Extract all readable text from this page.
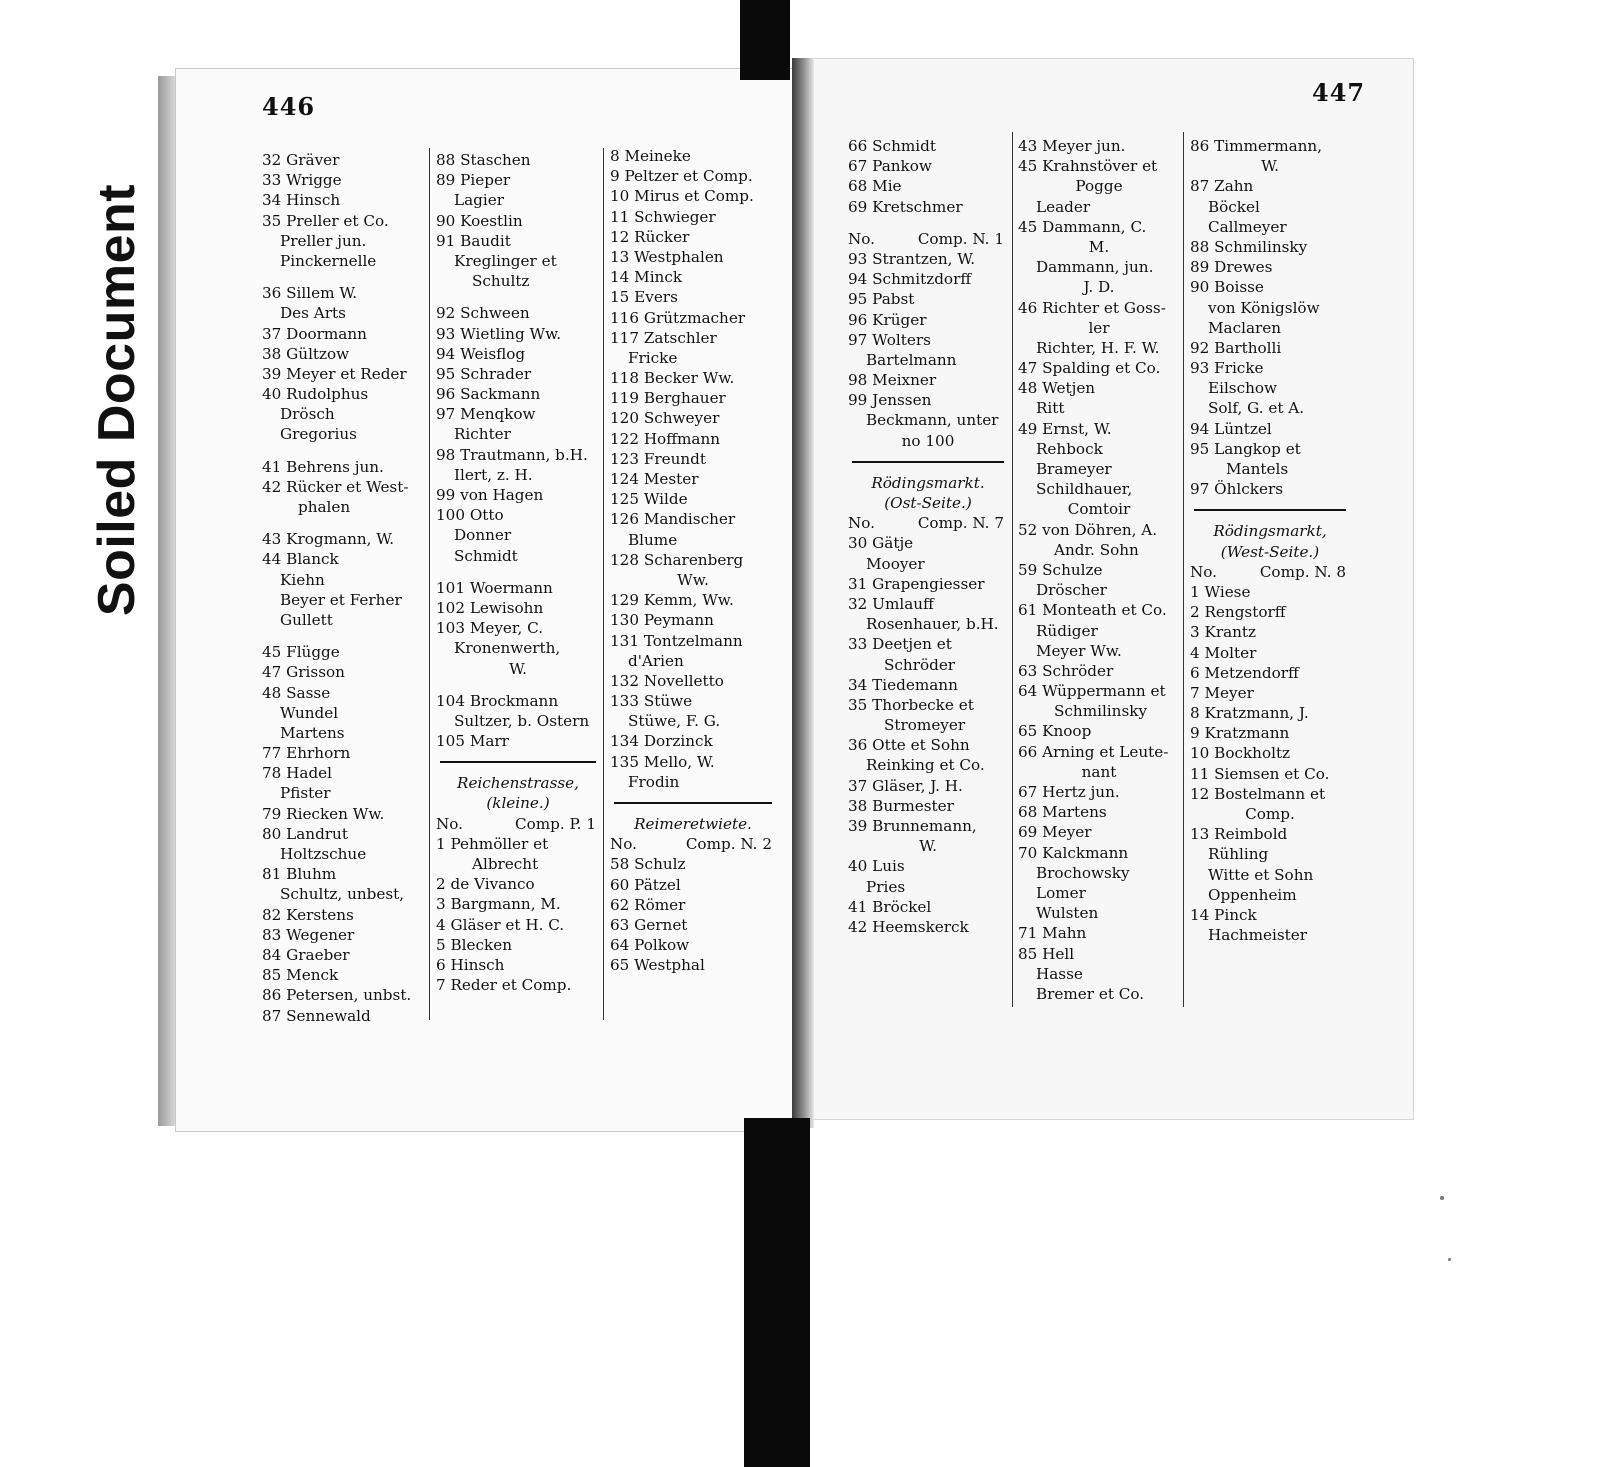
Soiled Document
446	447
32 Gräver
33 Wrigge
34 Hinsch
35 Preller et Co.
Preller jun.
Pinckernelle
36 Sillem W.
Des Arts
37 Doormann
38 Gültzow
39 Meyer et Reder
40 Rudolphus
Drösch
Gregorius
41 Behrens jun.
42 Rücker et West-
phalen
43 Krogmann, W.
44 Blanck
Kiehn
Beyer et Ferher
Gullett
45 Flügge
47 Grisson
48 Sasse
Wundel
Martens
77 Ehrhorn
78 Hadel
Pfister
79 Riecken Ww.
80 Landrut
Holtzschue
81 Bluhm
Schultz, unbest,
82 Kerstens
83 Wegener
84 Graeber
85 Menck
86 Petersen, unbst.
87 Sennewald
88 Staschen
89 Pieper
Lagier
90 Koestlin
91 Baudit
Kreglinger et
Schultz
92 Schween
93 Wietling Ww.
94 Weisflog
95 Schrader
96 Sackmann
97 Menqkow
Richter
98 Trautmann, b.H.
Ilert, z. H.
99 von Hagen
100 Otto
Donner
Schmidt
101 Woermann
102 Lewisohn
103 Meyer, C.
Kronenwerth,
W.
104 Brockmann
Sultzer, b. Ostern
105 Marr
Reichenstrasse,
(kleine.)
No.	Comp. P. 1
1 Pehmöller et
Albrecht
2 de Vivanco
3 Bargmann, M.
4 Gläser et H. C.
5 Blecken
6 Hinsch
7 Reder et Comp.
8 Meineke
9 Peltzer et Comp.
10 Mirus et Comp.
11 Schwieger
12 Rücker
13 Westphalen
14 Minck
15 Evers
116 Grützmacher
117 Zatschler
Fricke
118 Becker Ww.
119 Berghauer
120 Schweyer
122 Hoffmann
123 Freundt
124 Mester
125 Wilde
126 Mandischer
Blume
128 Scharenberg
Ww.
129 Kemm, Ww.
130 Peymann
131 Tontzelmann
d'Arien
132 Novelletto
133 Stüwe
Stüwe, F. G.
134 Dorzinck
135 Mello, W.
Frodin
Reimeretwiete.
No.	Comp. N. 2
58 Schulz
60 Pätzel
62 Römer
63 Gernet
64 Polkow
65 Westphal
66 Schmidt
67 Pankow
68 Mie
69 Kretschmer
No.	Comp. N. 1
93 Strantzen, W.
94 Schmitzdorff
95 Pabst
96 Krüger
97 Wolters
Bartelmann
98 Meixner
99 Jenssen
Beckmann, unter
no 100
Rödingsmarkt.
(Ost-Seite.)
No.	Comp. N. 7
30 Gätje
Mooyer
31 Grapengiesser
32 Umlauff
Rosenhauer, b.H.
33 Deetjen et
Schröder
34 Tiedemann
35 Thorbecke et
Stromeyer
36 Otte et Sohn
Reinking et Co.
37 Gläser, J. H.
38 Burmester
39 Brunnemann,
W.
40 Luis
Pries
41 Bröckel
42 Heemskerck
43 Meyer jun.
45 Krahnstöver et
Pogge
Leader
45 Dammann, C.
M.
Dammann, jun.
J. D.
46 Richter et Goss-
ler
Richter, H. F. W.
47 Spalding et Co.
48 Wetjen
Ritt
49 Ernst, W.
Rehbock
Brameyer
Schildhauer,
Comtoir
52 von Döhren, A.
Andr. Sohn
59 Schulze
Dröscher
61 Monteath et Co.
Rüdiger
Meyer Ww.
63 Schröder
64 Wüppermann et
Schmilinsky
65 Knoop
66 Arning et Leute-
nant
67 Hertz jun.
68 Martens
69 Meyer
70 Kalckmann
Brochowsky
Lomer
Wulsten
71 Mahn
85 Hell
Hasse
Bremer et Co.
86 Timmermann,
W.
87 Zahn
Böckel
Callmeyer
88 Schmilinsky
89 Drewes
90 Boisse
von Königslöw
Maclaren
92 Bartholli
93 Fricke
Eilschow
Solf, G. et A.
94 Lüntzel
95 Langkop et
Mantels
97 Öhlckers
Rödingsmarkt,
(West-Seite.)
No.	Comp. N. 8
1 Wiese
2 Rengstorff
3 Krantz
4 Molter
6 Metzendorff
7 Meyer
8 Kratzmann, J.
9 Kratzmann
10 Bockholtz
11 Siemsen et Co.
12 Bostelmann et
Comp.
13 Reimbold
Rühling
Witte et Sohn
Oppenheim
14 Pinck
Hachmeister
